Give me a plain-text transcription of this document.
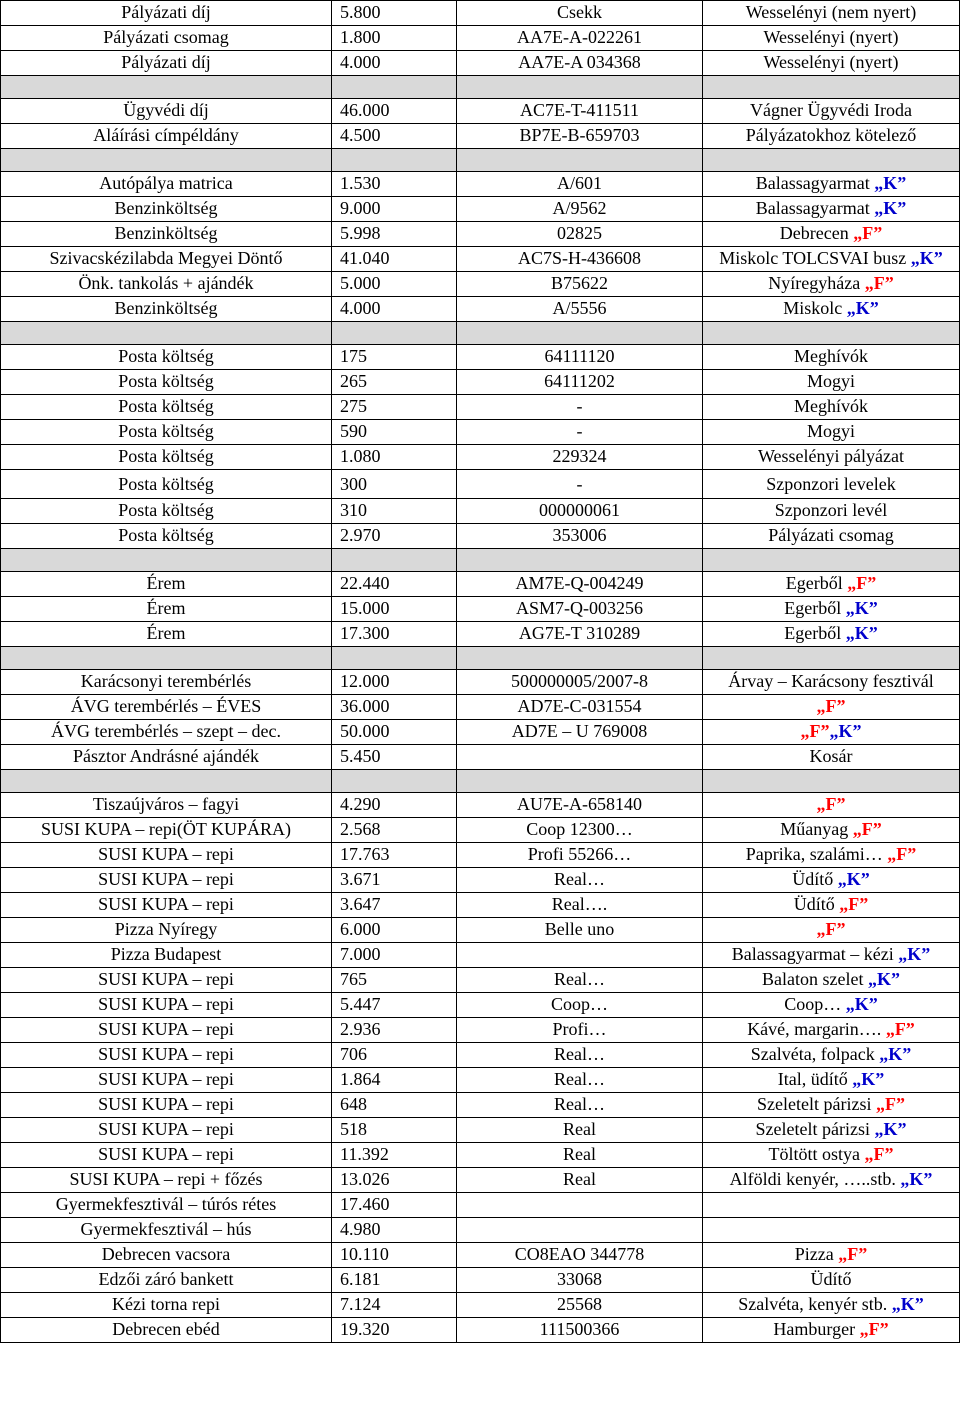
Pályázati díj	5.800	Csekk	Wesselényi (nem nyert)
Pályázati csomag	1.800	AA7E-A-022261	Wesselényi (nyert)
Pályázati díj	4.000	AA7E-A 034368	Wesselényi (nyert)

Ügyvédi díj	46.000	AC7E-T-411511	Vágner Ügyvédi Iroda
Aláírási címpéldány	4.500	BP7E-B-659703	Pályázatokhoz kötelező

Autópálya matrica	1.530	A/601	Balassagyarmat „K”
Benzinköltség	9.000	A/9562	Balassagyarmat „K”
Benzinköltség	5.998	02825	Debrecen „F”
Szivacskézilabda Megyei Döntő	41.040	AC7S-H-436608	Miskolc TOLCSVAI busz „K”
Önk. tankolás + ajándék	5.000	B75622	Nyíregyháza „F”
Benzinköltség	4.000	A/5556	Miskolc „K”

Posta költség	175	64111120	Meghívók
Posta költség	265	64111202	Mogyi
Posta költség	275	-	Meghívók
Posta költség	590	-	Mogyi
Posta költség	1.080	229324	Wesselényi pályázat
Posta költség	300	-	Szponzori levelek
Posta költség	310	000000061	Szponzori levél
Posta költség	2.970	353006	Pályázati csomag

Érem	22.440	AM7E-Q-004249	Egerből „F”
Érem	15.000	ASM7-Q-003256	Egerből „K”
Érem	17.300	AG7E-T 310289	Egerből „K”

Karácsonyi terembérlés	12.000	500000005/2007-8	Árvay – Karácsony fesztivál
ÁVG terembérlés – ÉVES	36.000	AD7E-C-031554	„F”
ÁVG terembérlés – szept – dec.	50.000	AD7E – U 769008	„F”„K”
Pásztor Andrásné ajándék	5.450		Kosár

Tiszaújváros – fagyi	4.290	AU7E-A-658140	„F”
SUSI KUPA – repi(ÖT KUPÁRA)	2.568	Coop 12300…	Műanyag „F”
SUSI KUPA – repi	17.763	Profi 55266…	Paprika, szalámi… „F”
SUSI KUPA – repi	3.671	Real…	Üdítő „K”
SUSI KUPA – repi	3.647	Real….	Üdítő „F”
Pizza Nyíregy	6.000	Belle uno	„F”
Pizza Budapest	7.000		Balassagyarmat – kézi „K”
SUSI KUPA – repi	765	Real…	Balaton szelet „K”
SUSI KUPA – repi	5.447	Coop…	Coop… „K”
SUSI KUPA – repi	2.936	Profi…	Kávé, margarin…. „F”
SUSI KUPA – repi	706	Real…	Szalvéta, folpack „K”
SUSI KUPA – repi	1.864	Real…	Ital, üdítő „K”
SUSI KUPA – repi	648	Real…	Szeletelt párizsi „F”
SUSI KUPA – repi	518	Real	Szeletelt párizsi „K”
SUSI KUPA – repi	11.392	Real	Töltött ostya „F”
SUSI KUPA – repi + főzés	13.026	Real	Alföldi kenyér, …..stb. „K”
Gyermekfesztivál – túrós rétes	17.460		
Gyermekfesztivál – hús	4.980		
Debrecen vacsora	10.110	CO8EAO 344778	Pizza „F”
Edzői záró bankett	6.181	33068	Üdítő
Kézi torna repi	7.124	25568	Szalvéta, kenyér stb. „K”
Debrecen ebéd	19.320	111500366	Hamburger „F”
